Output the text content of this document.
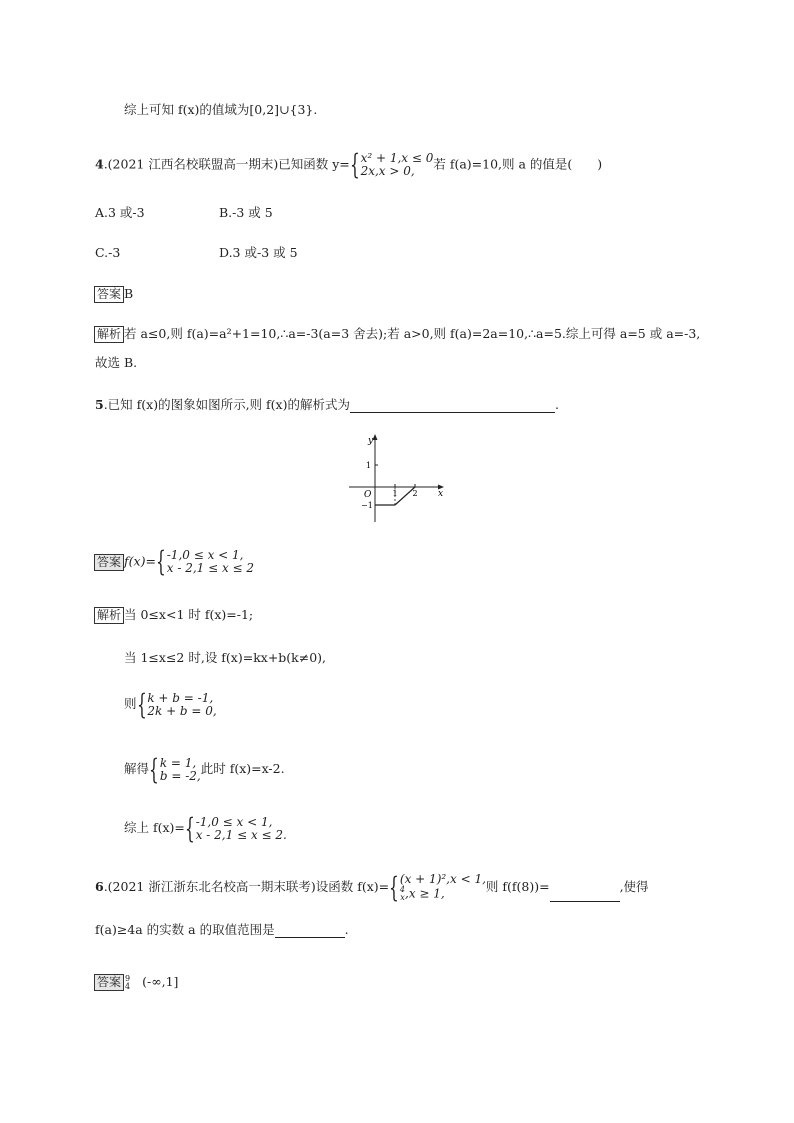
综上可知 f(x)的值域为[0,2]∪{3}.
4.(2021 江西名校联盟高一期末)已知函数 y= { x² + 1,x ≤ 0
2x,x > 0,	若 f(a)=10,则 a 的值是(　　)
A.3 或-3	B.-3 或 5
C.-3	D.3 或-3 或 5
答案 B
解析 若 a≤0,则 f(a)=a²+1=10,∴a=-3(a=3 舍去);若 a>0,则 f(a)=2a=10,∴a=5.综上可得 a=5 或 a=-3,
故选 B.
5.已知 f(x)的图象如图所示,则 f(x)的解析式为	.
y
x
O
1
−1
1 2
答案 f(x)= { -1,0 ≤ x < 1,
x - 2,1 ≤ x ≤ 2
解析 当 0≤x<1 时 f(x)=-1;
当 1≤x≤2 时,设 f(x)=kx+b(k≠0),
则 { k + b = -1,
2k + b = 0,
解得 { k = 1,
b = -2, 此时 f(x)=x-2.
综上 f(x)= { -1,0 ≤ x < 1,
x - 2,1 ≤ x ≤ 2.
6.(2021 浙江浙东北名校高一期末联考)设函数 f(x)= { (x + 1)²,x < 1,
4
x ,x ≥ 1,	则 f(f(8))=	,使得
f(a)≥4a 的实数 a 的取值范围是	.
答案 9
4 (-∞,1]
